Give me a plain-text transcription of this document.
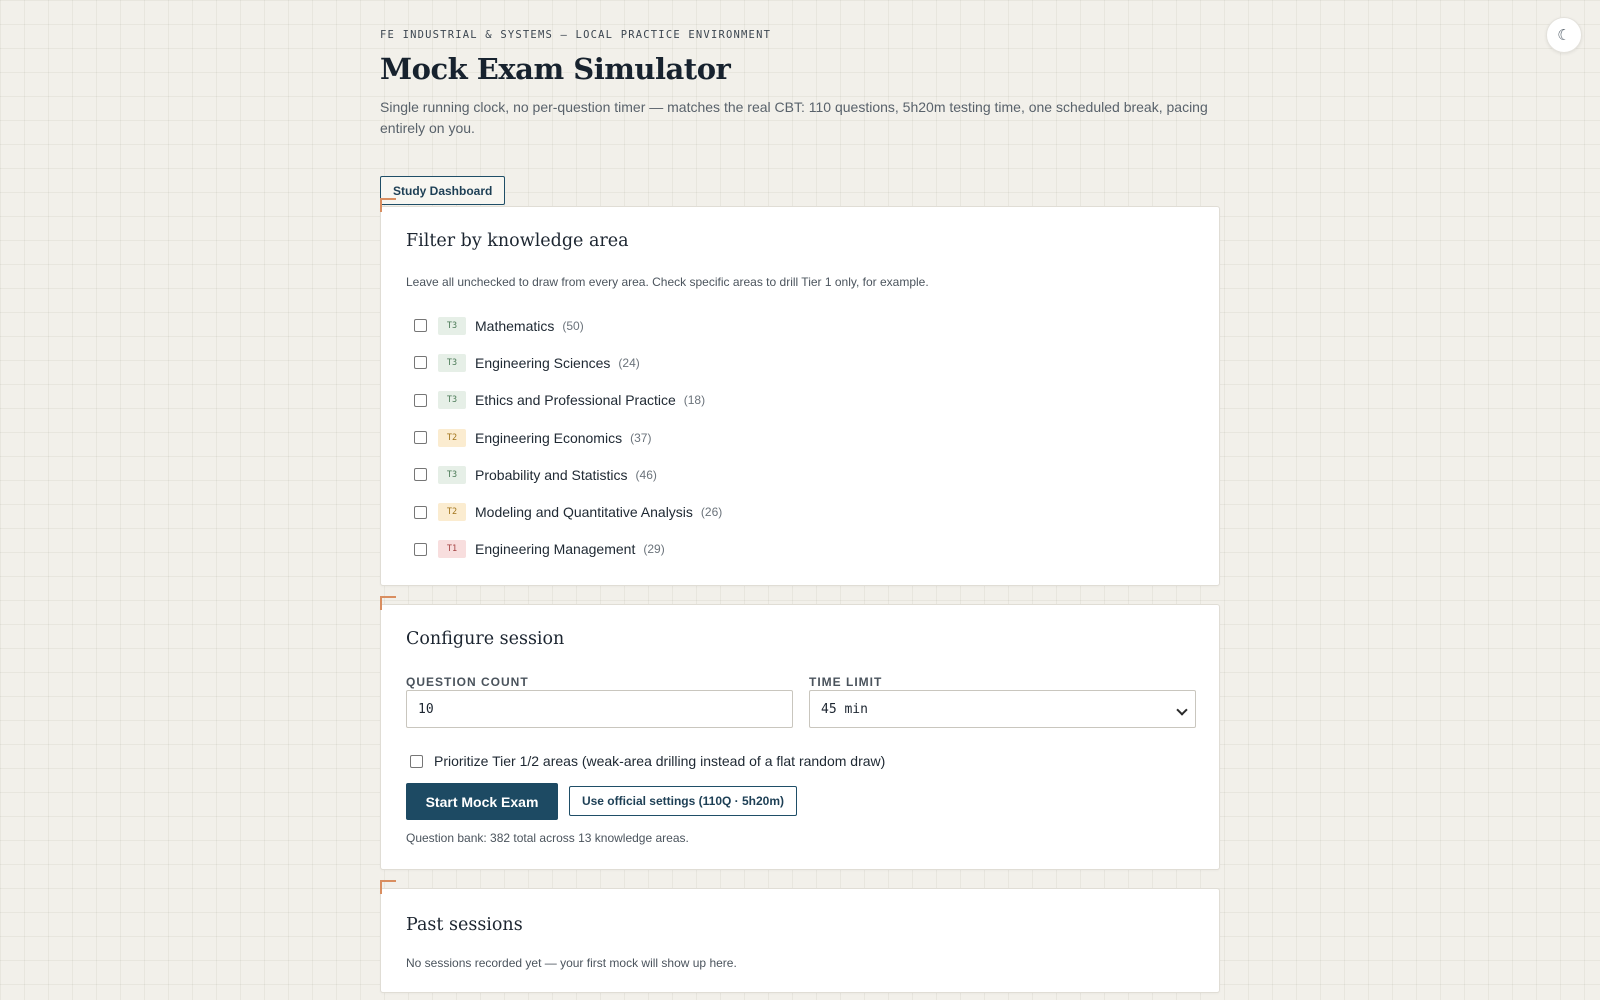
☾
FE INDUSTRIAL & SYSTEMS — LOCAL PRACTICE ENVIRONMENT
Mock Exam Simulator

Single running clock, no per-question timer — matches the real CBT: 110 questions, 5h20m testing time, one scheduled break, pacing entirely on you.

Study Dashboard
Filter by knowledge area

Leave all unchecked to draw from every area. Check specific areas to drill Tier 1 only, for example.

T3	Mathematics (50)
T3	Engineering Sciences (24)
T3	Ethics and Professional Practice (18)
T2	Engineering Economics (37)
T3	Probability and Statistics (46)
T2	Modeling and Quantitative Analysis (26)
T1	Engineering Management (29)
Configure session
QUESTION COUNT
10	TIME LIMIT
45 min
Prioritize Tier 1/2 areas (weak-area drilling instead of a flat random draw)
Start Mock Exam	Use official settings (110Q · 5h20m)

Question bank: 382 total across 13 knowledge areas.

Past sessions

No sessions recorded yet — your first mock will show up here.
